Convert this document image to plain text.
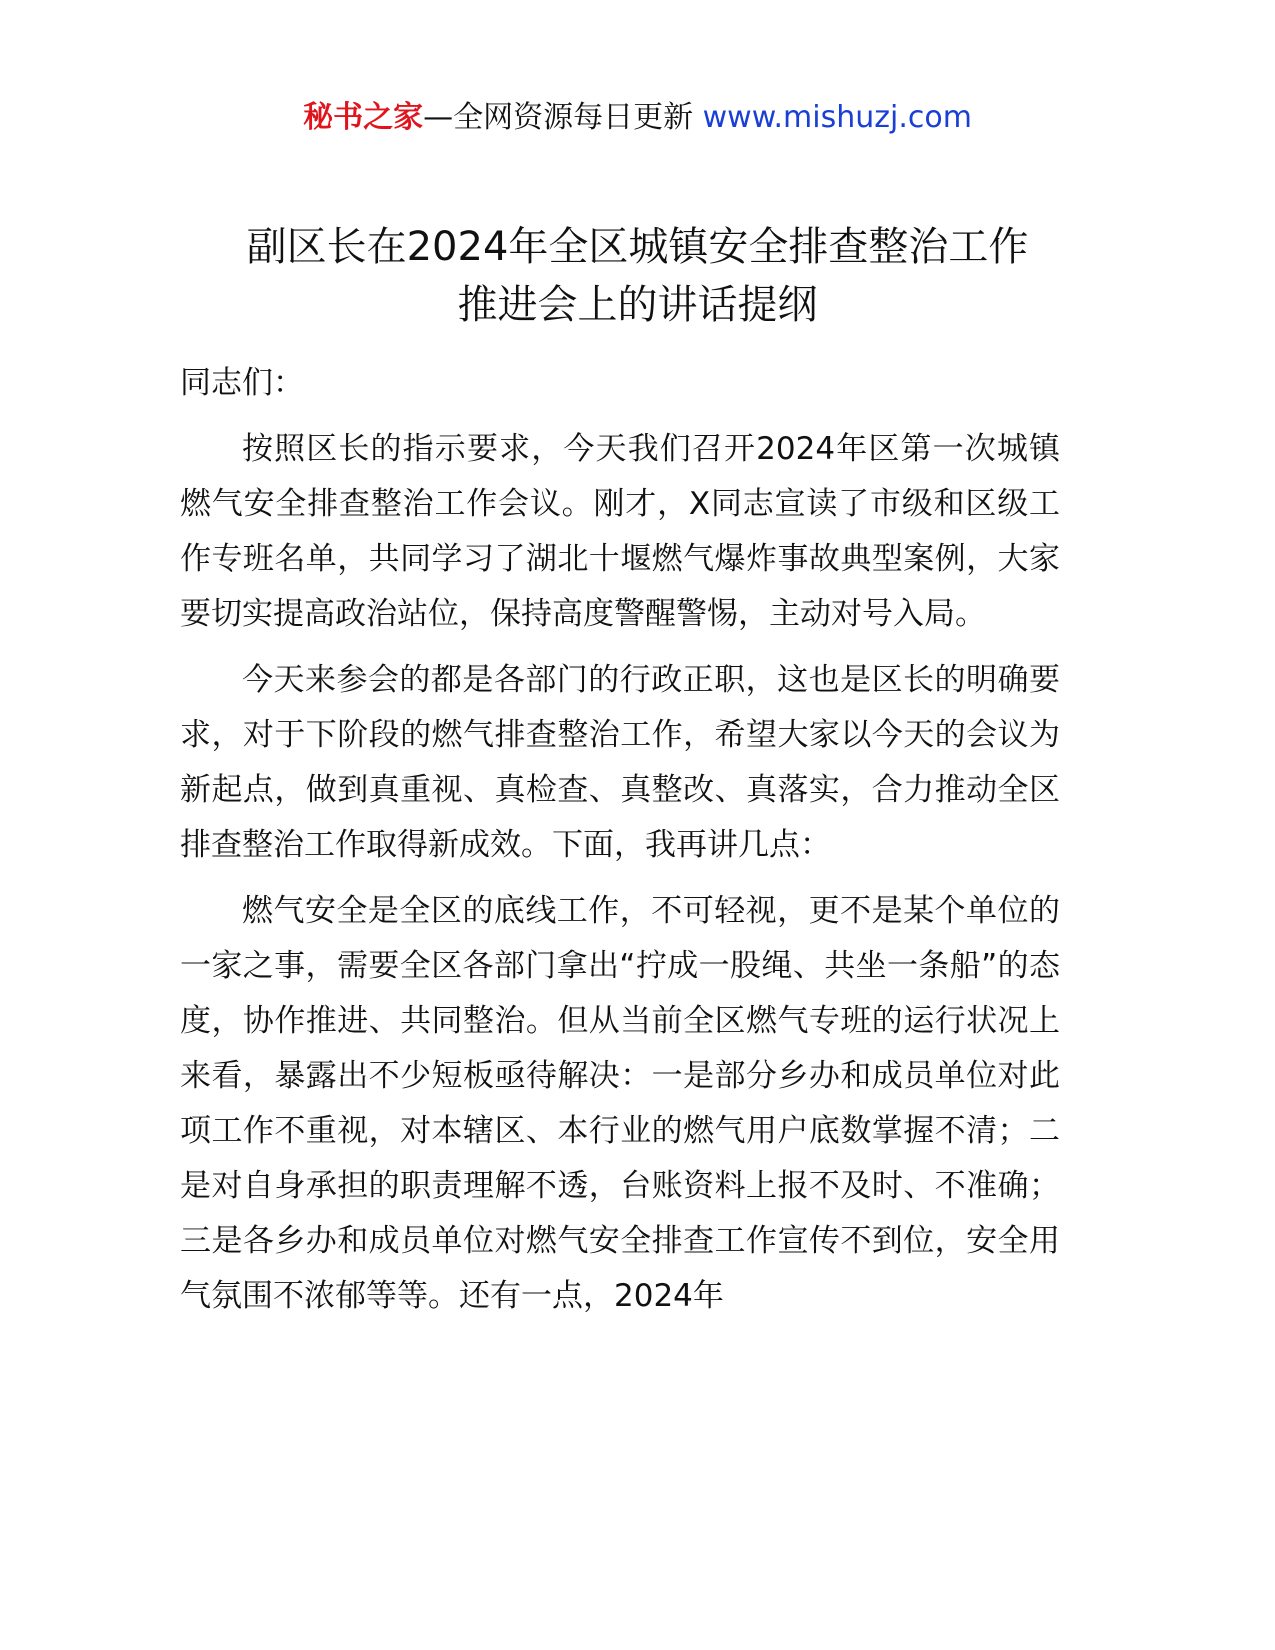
秘书之家—全网资源每日更新 www.mishuzj.com
副区长在2024年全区城镇安全排查整治工作
推进会上的讲话提纲

同志们：

按照区长的指示要求，今天我们召开2024年区第一次城镇燃气安全排查整治工作会议。刚才，X同志宣读了市级和区级工作专班名单，共同学习了湖北十堰燃气爆炸事故典型案例，大家要切实提高政治站位，保持高度警醒警惕，主动对号入局。

今天来参会的都是各部门的行政正职，这也是区长的明确要求，对于下阶段的燃气排查整治工作，希望大家以今天的会议为新起点，做到真重视、真检查、真整改、真落实，合力推动全区排查整治工作取得新成效。下面，我再讲几点：

燃气安全是全区的底线工作，不可轻视，更不是某个单位的一家之事，需要全区各部门拿出“拧成一股绳、共坐一条船”的态度，协作推进、共同整治。但从当前全区燃气专班的运行状况上来看，暴露出不少短板亟待解决：一是部分乡办和成员单位对此项工作不重视，对本辖区、本行业的燃气用户底数掌握不清；二是对自身承担的职责理解不透，台账资料上报不及时、不准确；三是各乡办和成员单位对燃气安全排查工作宣传不到位，安全用气氛围不浓郁等等。还有一点，2024年
